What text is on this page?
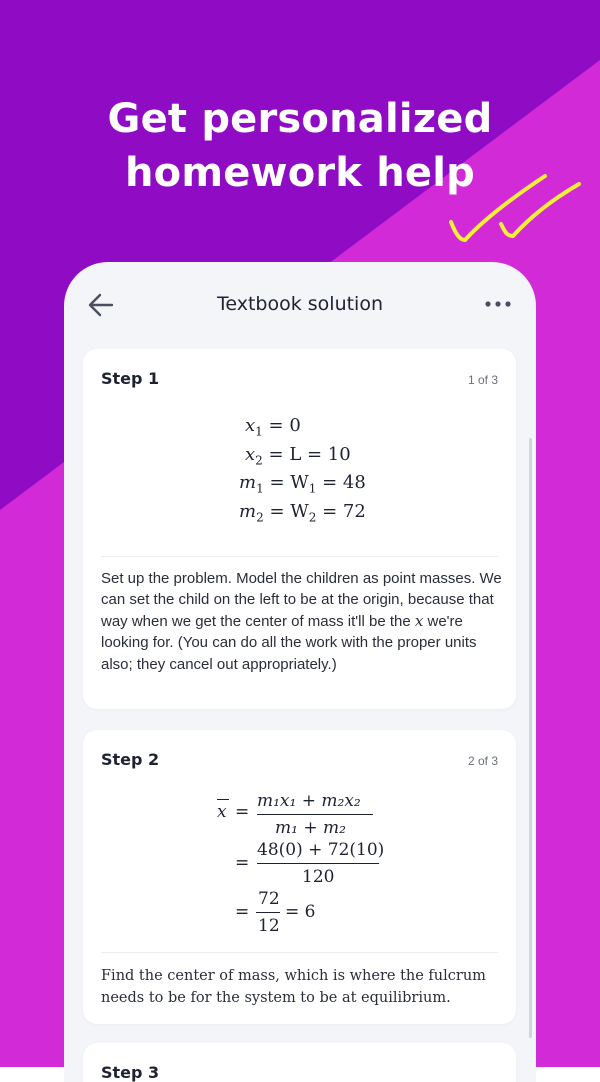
Get personalized
homework help
Textbook solution
Step 1	1 of 3
$x_1 = 0$
$x_2 = L = 10$
$m_1 = W_1 = 48$
$m_2 = W_2 = 72$
Set up the problem. Model the children as point masses. We can set the child on the left to be at the origin, because that way when we get the center of mass it'll be the x we're looking for. (You can do all the work with the proper units also; they cancel out appropriately.)
Step 2	2 of 3
x =
m₁x₁ + m₂x₂
m₁ + m₂
=
48(0) + 72(10)
120
=
72
12
= 6
Find the center of mass, which is where the fulcrum needs to be for the system to be at equilibrium.
Step 3
